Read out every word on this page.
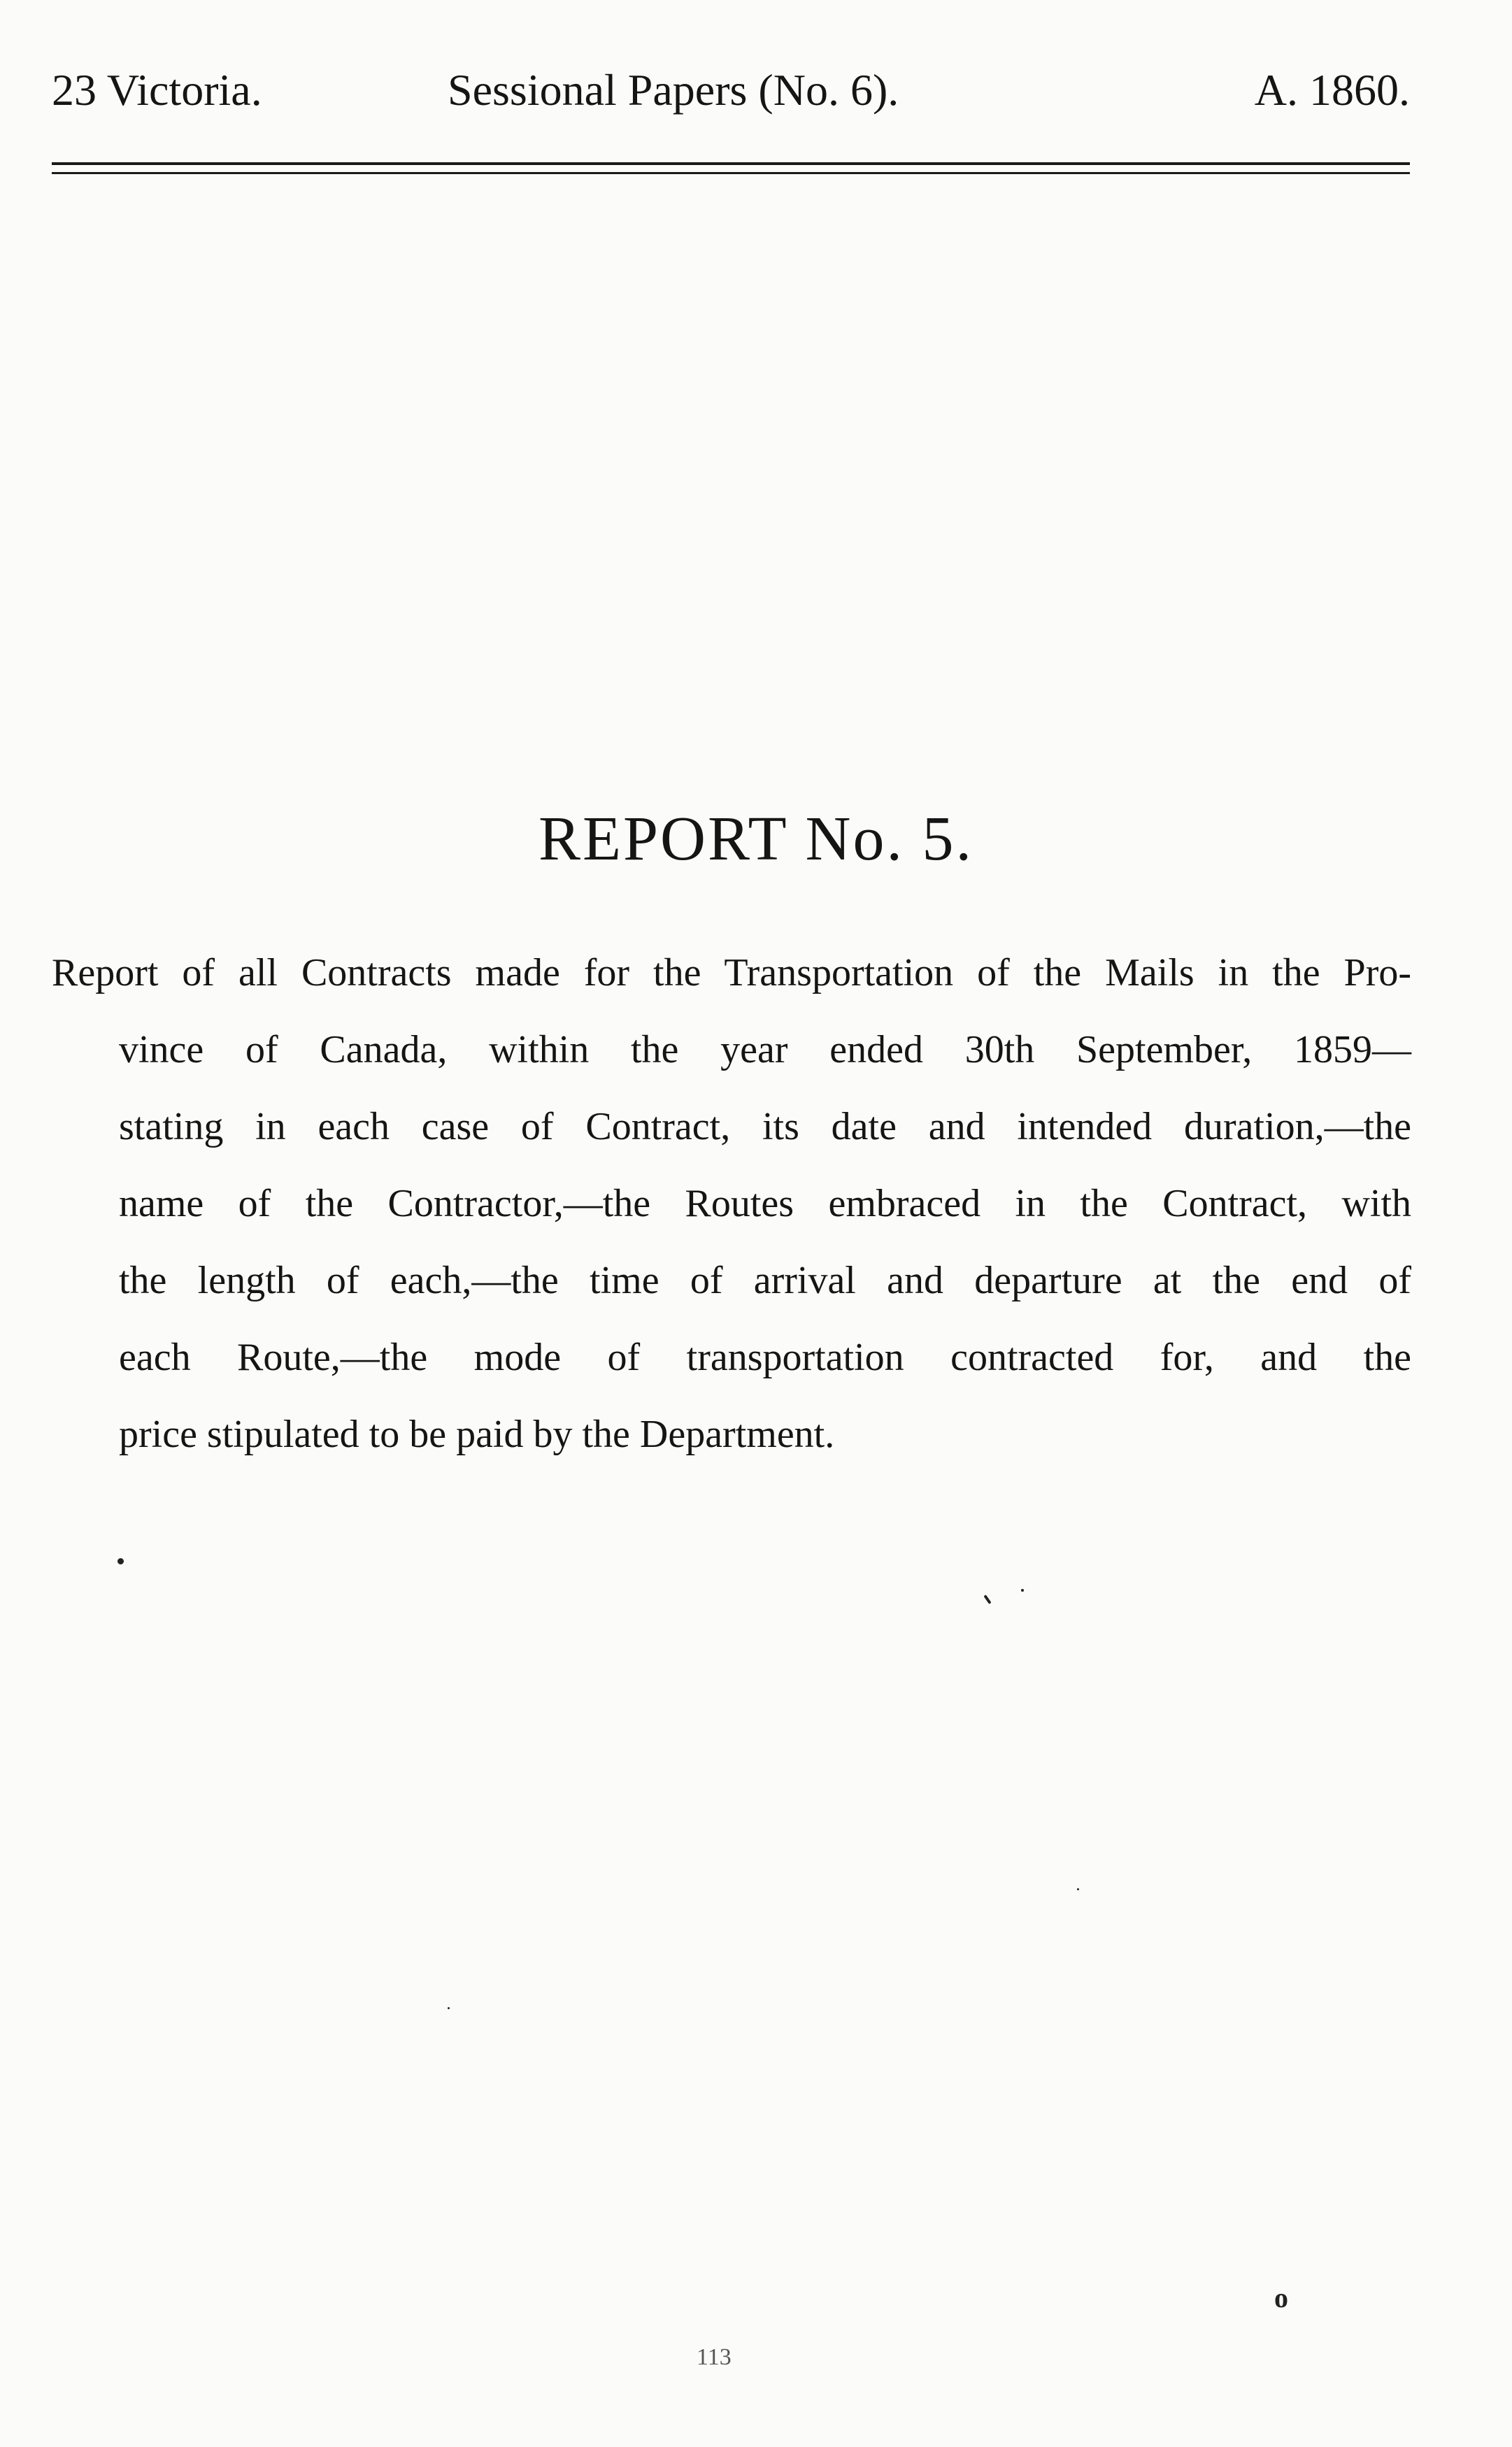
23 Victoria.	Sessional Papers (No. 6).	A. 1860.
REPORT No. 5.
Report of all Contracts made for the Transportation of the Mails in the Pro-
vince of Canada, within the year ended 30th September, 1859—
stating in each case of Contract, its date and intended duration,—the
name of the Contractor,—the Routes embraced in the Contract, with
the length of each,—the time of arrival and departure at the end of
each Route,—the mode of transportation contracted for, and the
price stipulated to be paid by the Department.
o
113
